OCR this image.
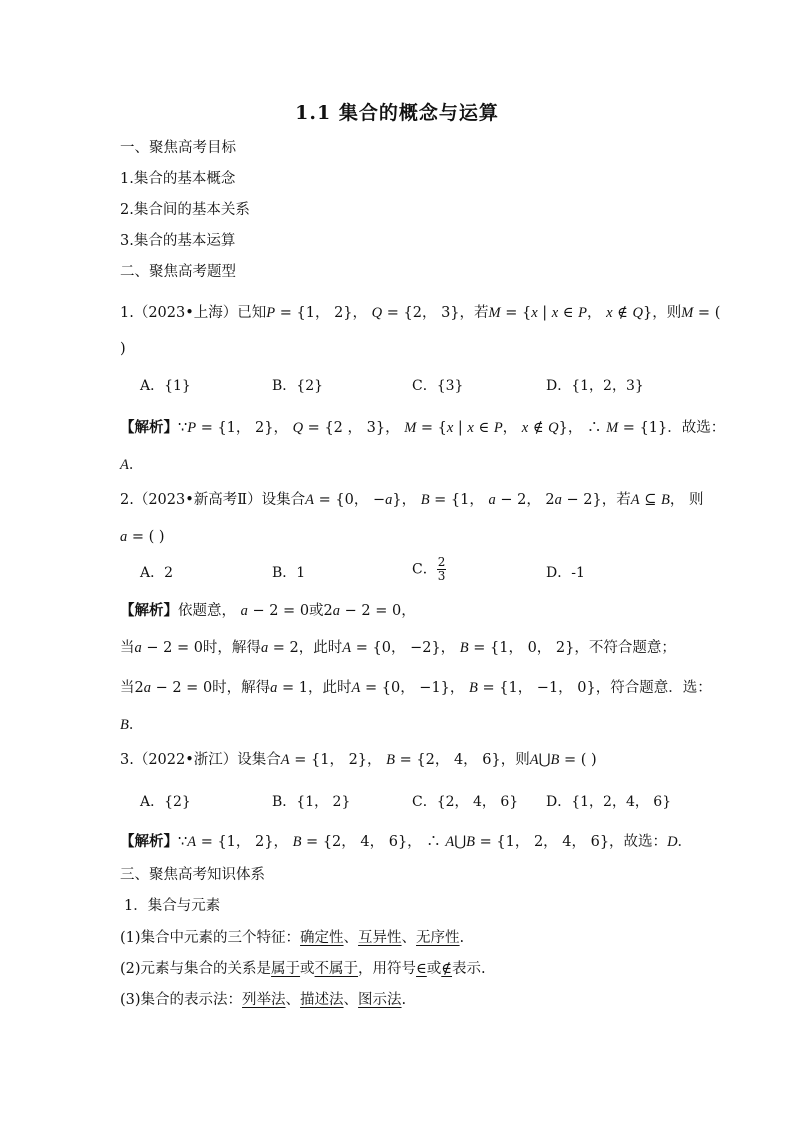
1.1 集合的概念与运算
一、聚焦高考目标
1.集合的基本概念
2.集合间的基本关系
3.集合的基本运算
二、聚焦高考题型
1.（2023•上海）已知P = {1， 2}， Q = {2， 3}，若M = {x | x ∈ P， x ∉ Q}，则M = (
)
A．{1}	B．{2}	C．{3}	D．{1，2，3}
【解析】∵P = {1， 2}， Q = {2 ， 3}， M = {x | x ∈ P， x ∉ Q}， ∴ M = {1}．故选：
A．
2.（2023•新高考Ⅱ）设集合A = {0， −a}， B = {1， a − 2， 2a − 2}，若A ⊆ B， 则
a = ( )
A．2	B．1	C． $\frac{2}{3}$	D．-1
【解析】依题意， a − 2 = 0或2a − 2 = 0，
当a − 2 = 0时，解得a = 2，此时A = {0， −2}， B = {1， 0， 2}，不符合题意；
当2a − 2 = 0时，解得a = 1，此时A = {0， −1}， B = {1， −1， 0}，符合题意．选：
B．
3.（2022•浙江）设集合A = {1， 2}， B = {2， 4， 6}，则A⋃B = ( )
A．{2}	B．{1， 2}	C．{2， 4， 6} D．{1，2，4， 6}
【解析】∵A = {1， 2}， B = {2， 4， 6}， ∴ A⋃B = {1， 2， 4， 6}，故选：D．
三、聚焦高考知识体系
1．集合与元素
(1)集合中元素的三个特征：确定性、互异性、无序性.
(2)元素与集合的关系是属于或不属于，用符号∈或∉表示.
(3)集合的表示法：列举法、描述法、图示法.
